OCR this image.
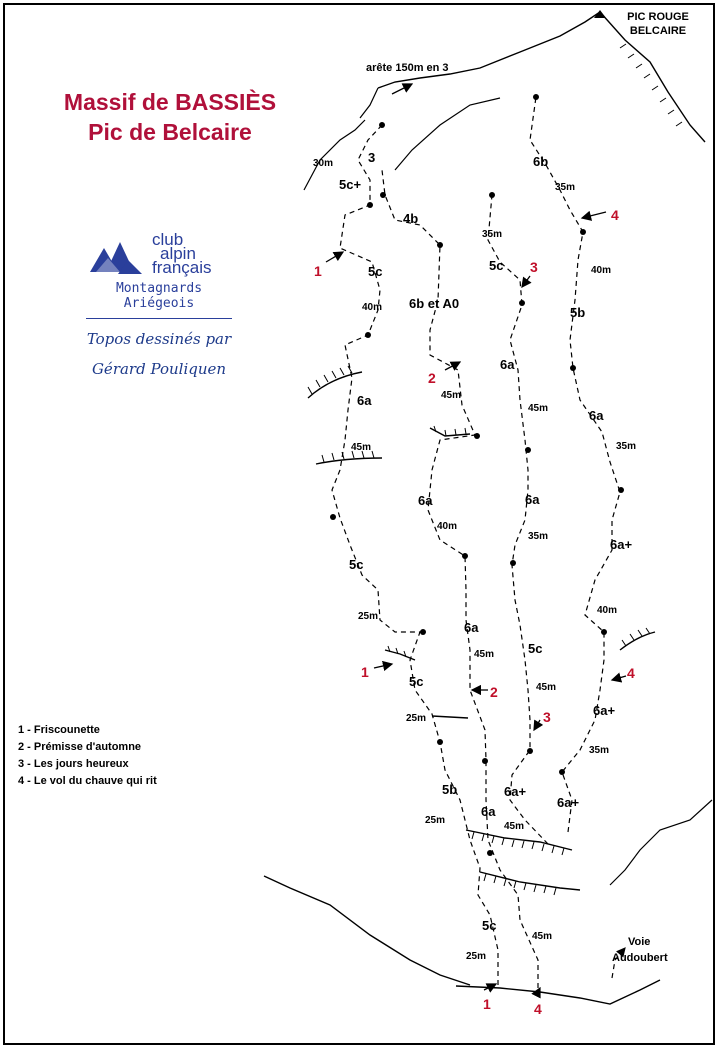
Massif de BASSIÈS
Pic de Belcaire
PIC ROUGE
BELCAIRE
club
alpin
français
Montagnards
Ariégeois
Topos dessinés par
Gérard Pouliquen
1 - Friscounette
2 - Prémisse d'automne
3 - Les jours heureux
4 - Le vol du chauve qui rit
arête 150m en 3
1
1
1
2
2
3
3
4
4
4
3
5c+
4b
5c
6b et A0
6a
6a
5c
6a
5c
5b
6a
5c
6a
6a
5c
6a+
6b
5b
6a
6a+
6a+
6a+
5c
30m
40m
45m
25m
25m
25m
45m
40m
45m
45m
35m
45m
35m
45m
35m
40m
35m
40m
35m
45m
25m
Voie
Audoubert
